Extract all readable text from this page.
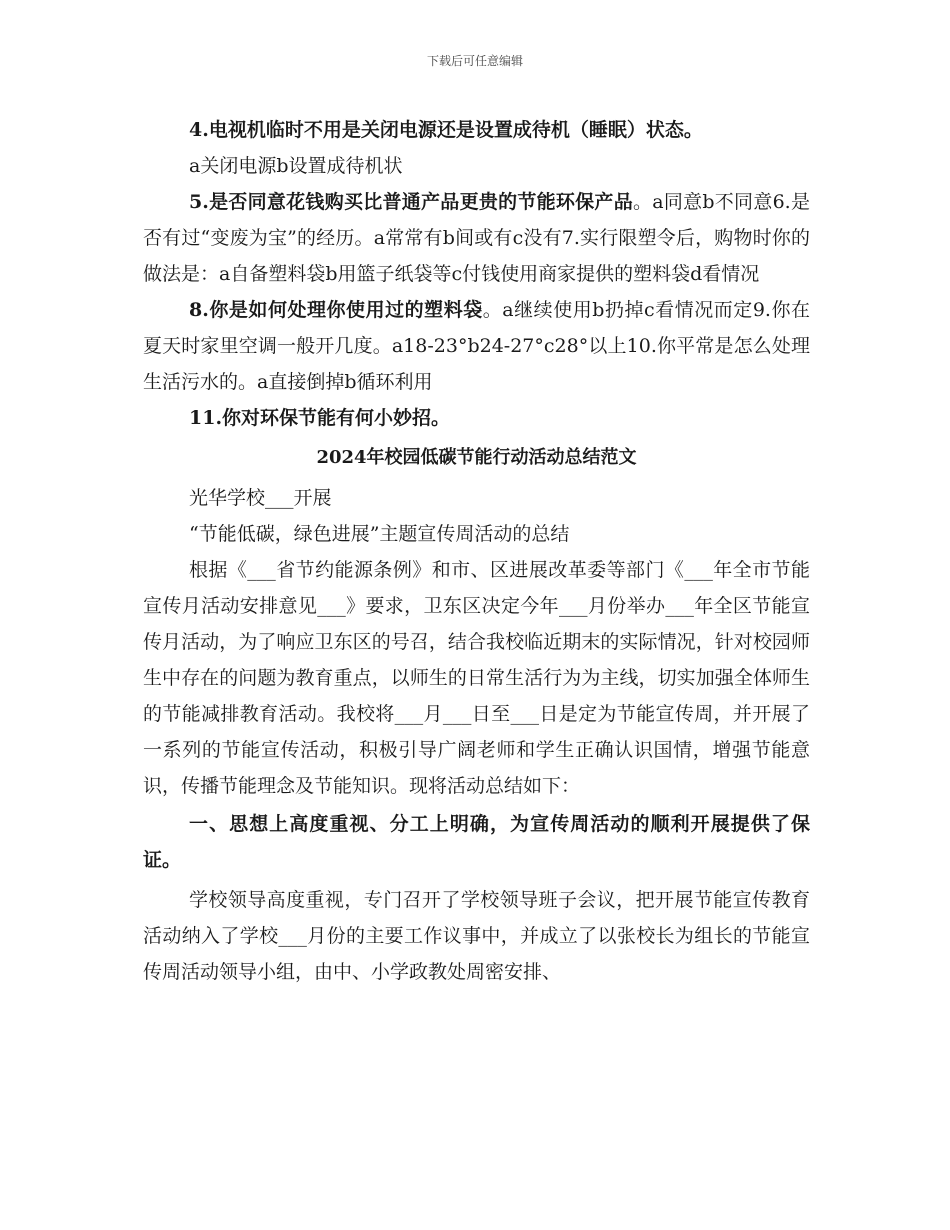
下载后可任意编辑

4.电视机临时不用是关闭电源还是设置成待机（睡眠）状态。

a关闭电源b设置成待机状

5.是否同意花钱购买比普通产品更贵的节能环保产品。a同意b不同意6.是否有过“变废为宝”的经历。a常常有b间或有c没有7.实行限塑令后，购物时你的做法是：a自备塑料袋b用篮子纸袋等c付钱使用商家提供的塑料袋d看情况

8.你是如何处理你使用过的塑料袋。a继续使用b扔掉c看情况而定9.你在夏天时家里空调一般开几度。a18-23°b24-27°c28°以上10.你平常是怎么处理生活污水的。a直接倒掉b循环利用

11.你对环保节能有何小妙招。

2024年校园低碳节能行动活动总结范文

光华学校___开展

“节能低碳，绿色进展”主题宣传周活动的总结

根据《___省节约能源条例》和市、区进展改革委等部门《___年全市节能宣传月活动安排意见___》要求，卫东区决定今年___月份举办___年全区节能宣传月活动，为了响应卫东区的号召，结合我校临近期末的实际情况，针对校园师生中存在的问题为教育重点，以师生的日常生活行为为主线，切实加强全体师生的节能减排教育活动。我校将___月___日至___日是定为节能宣传周，并开展了一系列的节能宣传活动，积极引导广阔老师和学生正确认识国情，增强节能意识，传播节能理念及节能知识。现将活动总结如下：

一、思想上高度重视、分工上明确，为宣传周活动的顺利开展提供了保证。

学校领导高度重视，专门召开了学校领导班子会议，把开展节能宣传教育活动纳入了学校___月份的主要工作议事中，并成立了以张校长为组长的节能宣传周活动领导小组，由中、小学政教处周密安排、
